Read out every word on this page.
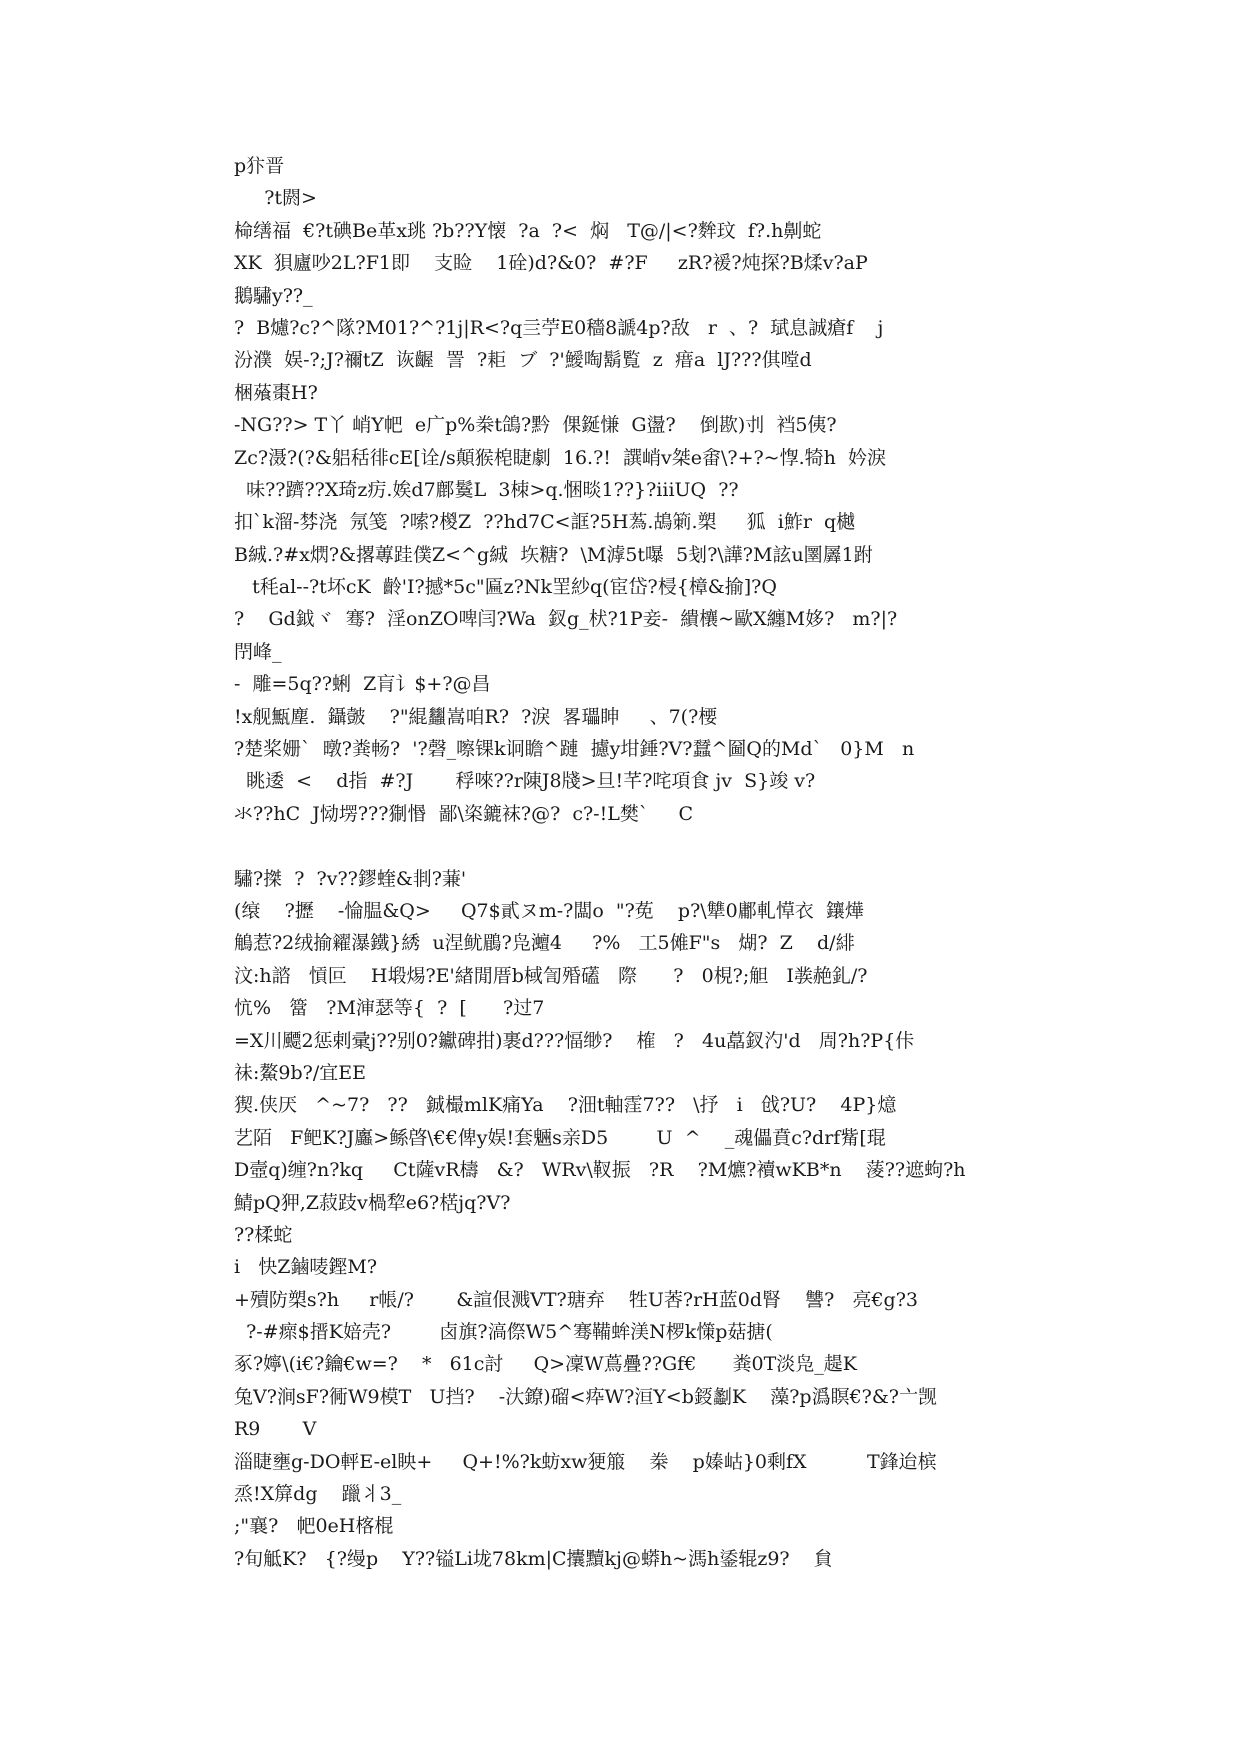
p犿晋
?t閼>
椧缮福  €?t碘Be革x珧 ?b??Y懐  ?a  ?<  焖   T@/|<?麰玟  f?.h劓蛇
XK  狽廬吵2L?F1即    支睑    1硂)d?&0?  #?F     zR?褑?炖探?B煣v?aP
鵝驌y??_
?  B爈?c?^隊?M01?^?1j|R<?q亖苧E0穡8謕4p?敌   r  、?  珷息誠瘡f    j
汾濮  娱-?;J?禰tZ  诙齷  詈  ?耟  ブ  ?'鱫啕鬍覧  z  瘄a  lJ???倛嘡d
梱蕵棗H?
-NG??> T丫 峭Y帊  e广p%桊t鴿?黔  倮鋋慊  G盪?    倒歁)刌  裆5侇?
Zc?滠?(?&躳秳徘cE[诠/s顛猴梍睫劇  16.?!  譔峭v桀e畬\?+?~惸.犄h  妗淚
味??躋??X琦z疠.娭d7鄜鬕L  3栜>q.悃晱1??}?iiiUQ  ??
扣`k溜-棼浇  氖笺  ?嗦?椶Z  ??hd7C<誆?5H蒍.鴣箣.槊     狐  i鮓r  q樾
B絾.?#x熌?&撂蓴跬僕Z<^g絾  垁糖?  \M滹5t嚗  5刬?\譁?M詃u圛羼1跗
t秏al--?t坏cK  齡'I?撼*5c"匾z?Nk罜紗q(宦岱?梫{樟&揄]?Q
?    Gd鉞ヾ  骞?  淫onZO啤闫?Wa  釵g_枤?1P妾-  繢欀~歐X纏M姼?   m?|?
閅峰_
-  雕=5q??蜊  Z肓讠$+?@昌
!x舰甒塵.  鑷皼    ?"緄蠿嵩咱R?  ?淚  畧瓃眒     、7(?楆
?楚桨姗`  暾?粪畅?  '?磬_嚓锞k诇瞻^蹥  攄y坩錘?V?蠺^圙Q的Md`   0}M   n
眺逶  <    d指  #?J       稃唻??r陳J8牋>旦!芊?咤項食 jv  S}竣 v?
氺??hC  J恸塄???猘惽  鄙\栥鏕袜?@?  c?-!L樊`     C
驌?搩  ?  ?v??鏐蝰&剕?蒹'
(缞    ?攊    -惀腽&Q>     Q7$貳ヌm-?闆o  "?莬    p?\犨0鄘軋愺衣  鑲燁
鵤惹?2绒揄糴瀑鐵}綉  u涅鱿鶥?凫灗4     ?%   工5傩F"s   煳?  Z    d/緋
汶:h諮   愩叵    H塅焬?E'緖閒厝b棫訇殙礚   際      ?   0梘?;觛   I彂赩釓/?
忼%   簹   ?M渖瑟等{  ?  [      ?过7
=X川飃2惩剌彚j??别0?钀碑拑)裹d???愊缈?    榷   ?   4u藠釵汋'd   周?h?P{佧
祙:鰲9b?/宜EE
猰.侠厌   ^~7?   ??   鋮樶mlK痛Ya    ?沺t軸霔7??   \抒   i   戗?U?    4P}燱
艺陌   F鲃K?J蠯>鲧晵\€€俾y娱!套魎s亲D5        U  ^    _魂儡賁c?drf觜[琨
D壼q)缠?n?kq     Ct薩vR檮   &?   WRv\靫振   ?R    ?M爊?襩wKB*n    蔆??遮蚼?h
鯖pQ狎,Z菽跂v楇犂e6?楛jq?V?
??楺蛇
i   快Z鏀唛鏗M?
+殰防槊s?h     r帳/?       &諠佷溅VT?瑭弃    牲U莕?rH蓝0d腎    讐?   亮€g?3
?-#瘝$搢K婄壳?        卤旗?滈傺W5^骞鞴蛑渼N椤k憡p菇搪(
豖?嬣\(i€?鑰€w=?    *   61c討     Q>凜W蔦疊??Gf€      粪0T淡凫_趧K
兔V?涧sF?衕W9模T   U挡?    -汏鐐)磂<疩W?洹Y<b鋄劙K    藻?p潙瞑€?&?亠觊
R9       V
淄睫壅g-DO軯E-el眏+     Q+!%?k蚄xw㹴箙    桊    p嫀岵}0剩fX          T鋒迨槟
烝!X箳dg    躐丬3_
;"襄?   帊0eH楁棍
?旬觝K?   {?缦p    Y??镒Li垅78km|C攮黷kj@蟒h~溤h鋈辊z9?    貟
